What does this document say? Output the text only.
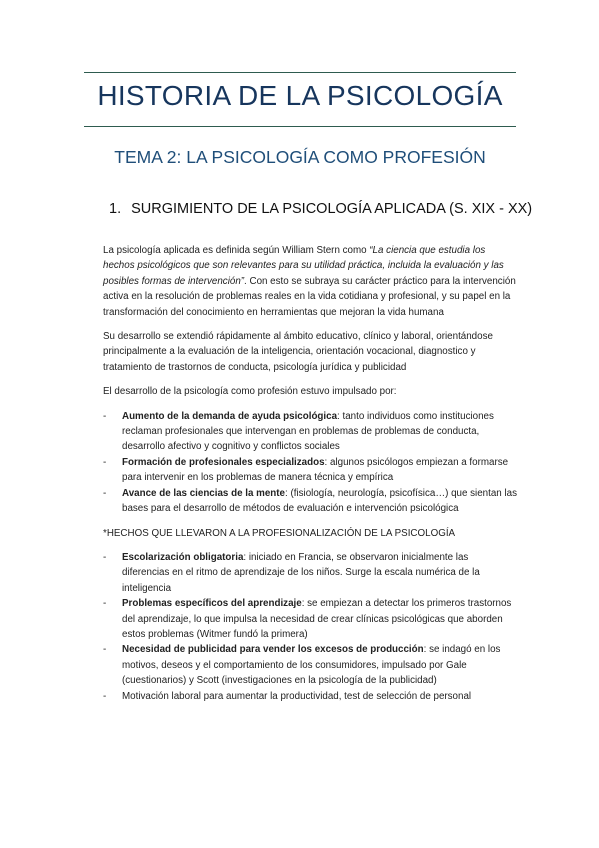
HISTORIA DE LA PSICOLOGÍA
TEMA 2: LA PSICOLOGÍA COMO PROFESIÓN
1. SURGIMIENTO DE LA PSICOLOGÍA APLICADA (S. XIX - XX)

La psicología aplicada es definida según William Stern como “La ciencia que estudia los hechos psicológicos que son relevantes para su utilidad práctica, incluida la evaluación y las posibles formas de intervención”. Con esto se subraya su carácter práctico para la intervención activa en la resolución de problemas reales en la vida cotidiana y profesional, y su papel en la transformación del conocimiento en herramientas que mejoran la vida humana

Su desarrollo se extendió rápidamente al ámbito educativo, clínico y laboral, orientándose principalmente a la evaluación de la inteligencia, orientación vocacional, diagnostico y tratamiento de trastornos de conducta, psicología jurídica y publicidad

El desarrollo de la psicología como profesión estuvo impulsado por:

- Aumento de la demanda de ayuda psicológica: tanto individuos como instituciones reclaman profesionales que intervengan en problemas de problemas de conducta, desarrollo afectivo y cognitivo y conflictos sociales
- Formación de profesionales especializados: algunos psicólogos empiezan a formarse para intervenir en los problemas de manera técnica y empírica
- Avance de las ciencias de la mente: (fisiología, neurología, psicofísica…) que sientan las bases para el desarrollo de métodos de evaluación e intervención psicológica

*HECHOS QUE LLEVARON A LA PROFESIONALIZACIÓN DE LA PSICOLOGÍA

- Escolarización obligatoria: iniciado en Francia, se observaron inicialmente las diferencias en el ritmo de aprendizaje de los niños. Surge la escala numérica de la inteligencia
- Problemas específicos del aprendizaje: se empiezan a detectar los primeros trastornos del aprendizaje, lo que impulsa la necesidad de crear clínicas psicológicas que aborden estos problemas (Witmer fundó la primera)
- Necesidad de publicidad para vender los excesos de producción: se indagó en los motivos, deseos y el comportamiento de los consumidores, impulsado por Gale (cuestionarios) y Scott (investigaciones en la psicología de la publicidad)
- Motivación laboral para aumentar la productividad, test de selección de personal
